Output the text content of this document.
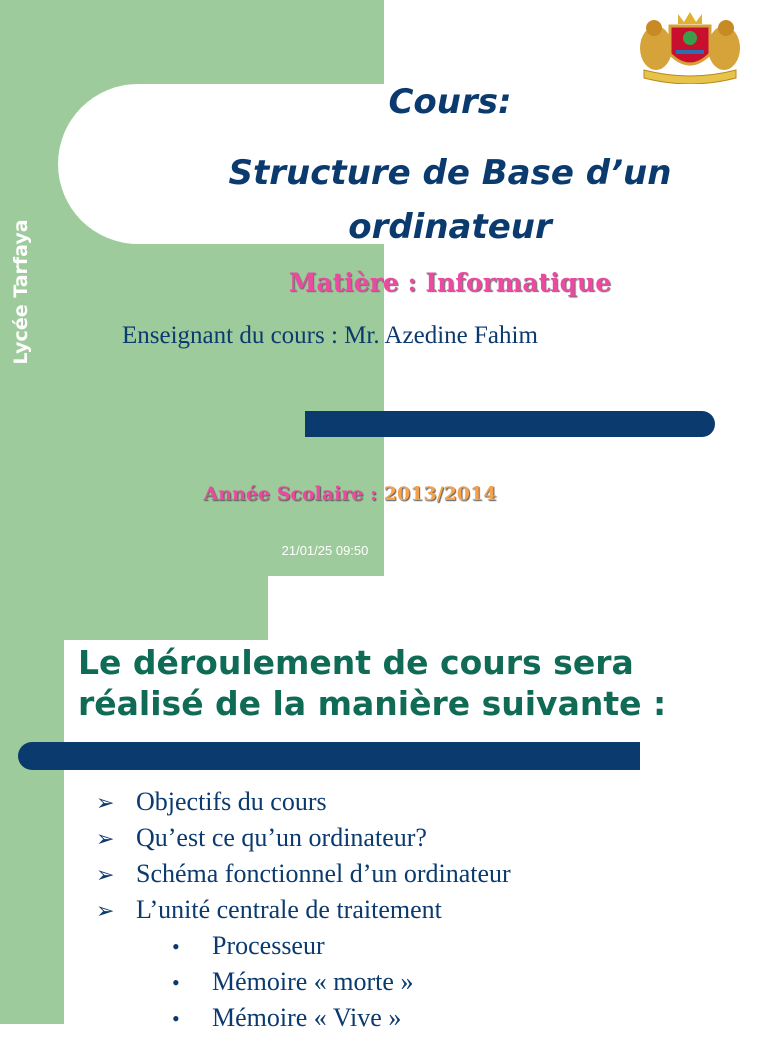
Lycée Tarfaya
Cours:
Structure de Base d’un ordinateur
Matière : Informatique
Enseignant du cours : Mr. Azedine Fahim
Année Scolaire : 2013/2014
21/01/25 09:50
Le déroulement de cours sera réalisé de la manière suivante :
➢ Objectifs du cours
➢ Qu’est ce qu’un ordinateur?
➢ Schéma fonctionnel d’un ordinateur
➢ L’unité centrale de traitement
• Processeur
• Mémoire « morte »
• Mémoire « Vive »
